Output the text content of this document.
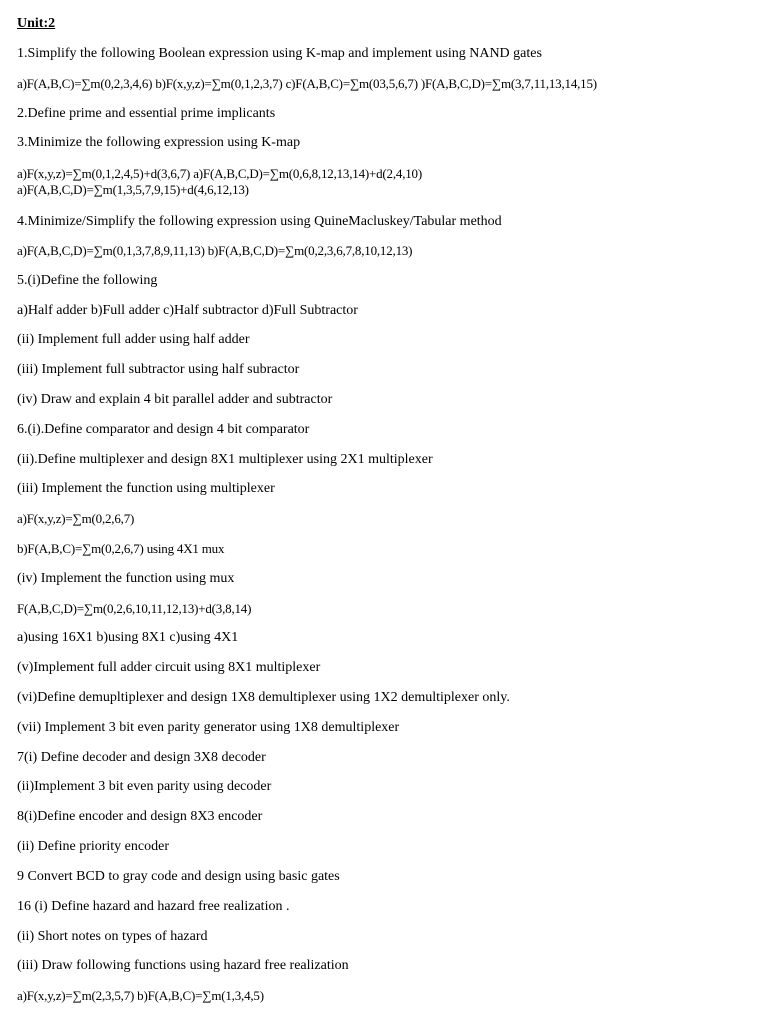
Unit:2
1.Simplify the following Boolean expression using K-map and implement using NAND gates
a)F(A,B,C)=∑m(0,2,3,4,6) b)F(x,y,z)=∑m(0,1,2,3,7) c)F(A,B,C)=∑m(03,5,6,7) )F(A,B,C,D)=∑m(3,7,11,13,14,15)
2.Define prime and essential prime implicants
3.Minimize the following expression using K-map
a)F(x,y,z)=∑m(0,1,2,4,5)+d(3,6,7) a)F(A,B,C,D)=∑m(0,6,8,12,13,14)+d(2,4,10)
a)F(A,B,C,D)=∑m(1,3,5,7,9,15)+d(4,6,12,13)
4.Minimize/Simplify the following expression using QuineMacluskey/Tabular method
a)F(A,B,C,D)=∑m(0,1,3,7,8,9,11,13) b)F(A,B,C,D)=∑m(0,2,3,6,7,8,10,12,13)
5.(i)Define the following
a)Half adder b)Full adder c)Half subtractor d)Full Subtractor
(ii) Implement full adder using half adder
(iii) Implement full subtractor using half subractor
(iv) Draw and explain 4 bit parallel adder and subtractor
6.(i).Define comparator and design 4 bit comparator
(ii).Define multiplexer and design 8X1 multiplexer using 2X1 multiplexer
(iii) Implement the function using multiplexer
a)F(x,y,z)=∑m(0,2,6,7)
b)F(A,B,C)=∑m(0,2,6,7) using 4X1 mux
(iv) Implement the function using mux
F(A,B,C,D)=∑m(0,2,6,10,11,12,13)+d(3,8,14)
a)using 16X1 b)using 8X1 c)using 4X1
(v)Implement full adder circuit using 8X1 multiplexer
(vi)Define demupltiplexer and design 1X8 demultiplexer using 1X2 demultiplexer only.
(vii) Implement 3 bit even parity generator using 1X8 demultiplexer
7(i) Define decoder and design 3X8 decoder
(ii)Implement 3 bit even parity using decoder
8(i)Define encoder and design 8X3 encoder
(ii) Define priority encoder
9 Convert BCD to gray code and design using basic gates
16 (i) Define hazard and hazard free realization .
(ii) Short notes on types of hazard
(iii) Draw following functions using hazard free realization
a)F(x,y,z)=∑m(2,3,5,7) b)F(A,B,C)=∑m(1,3,4,5)
